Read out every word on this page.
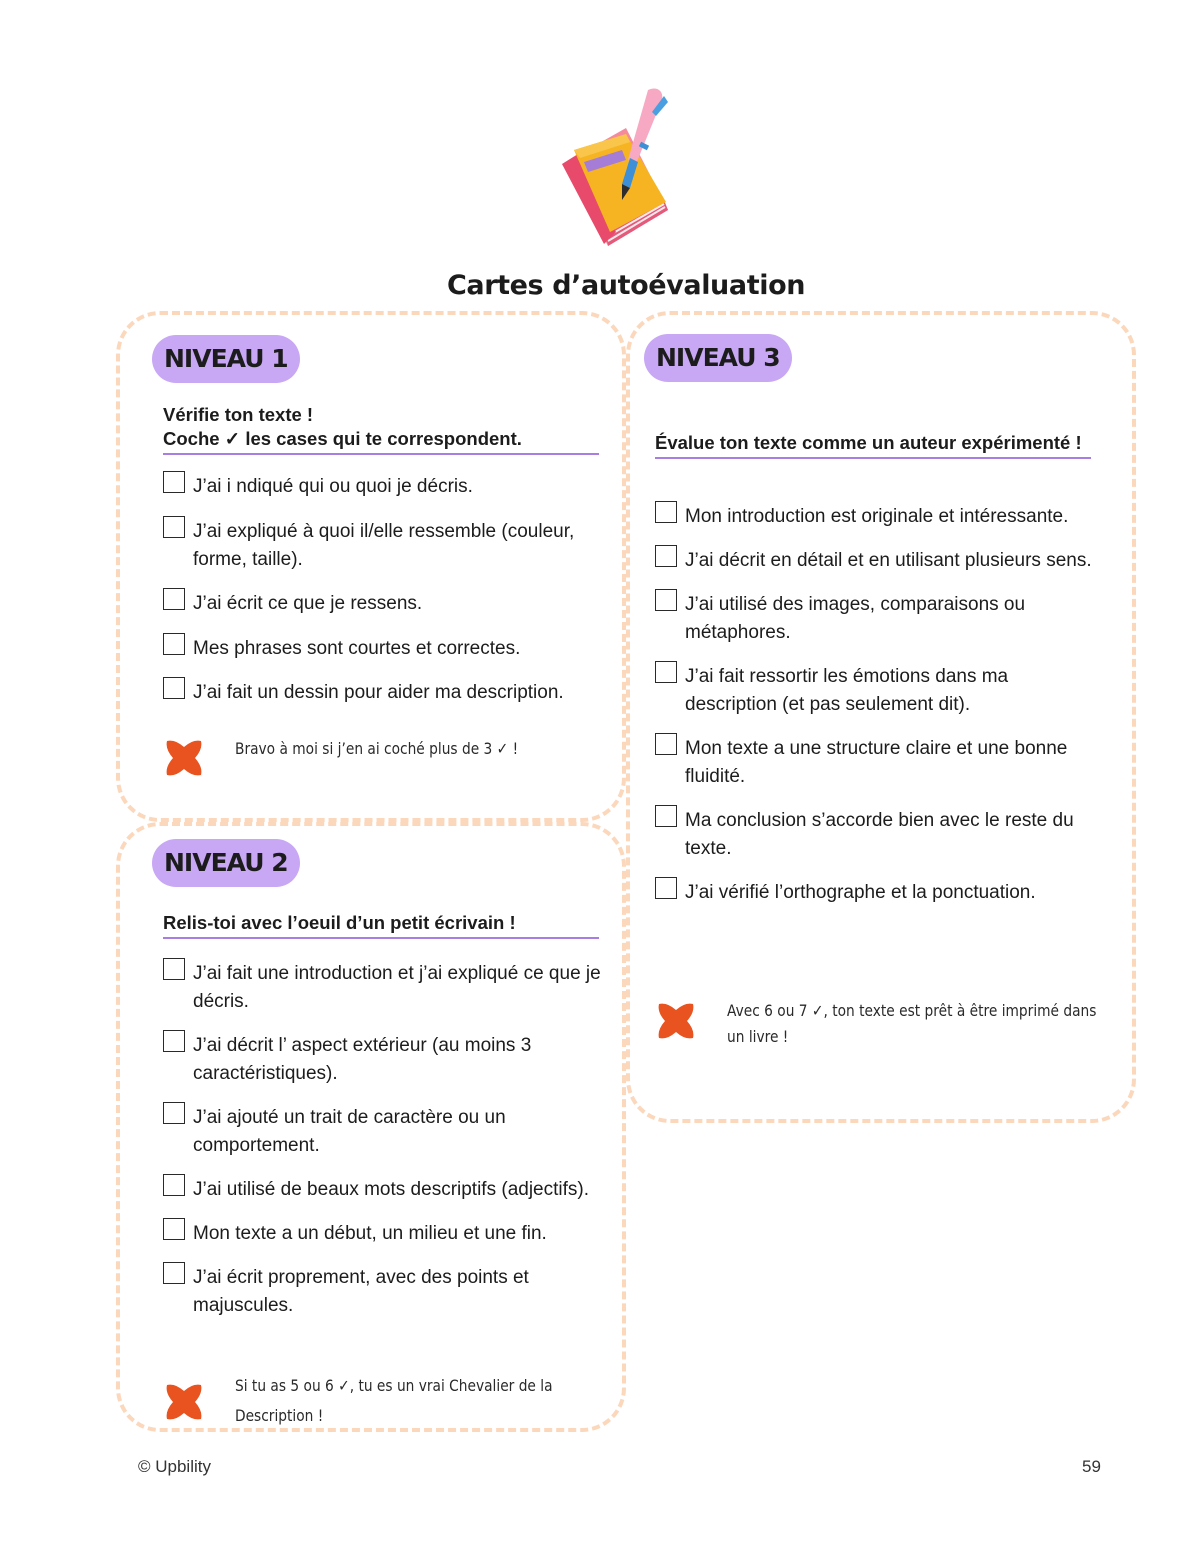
Cartes d’autoévaluation
NIVEAU 1
Vérifie ton texte !
Coche ✓ les cases qui te correspondent.
J’ai i ndiqué qui ou quoi je décris.
J’ai expliqué à quoi il/elle ressemble (couleur, forme, taille).
J’ai écrit ce que je ressens.
Mes phrases sont courtes et correctes.
J’ai fait un dessin pour aider ma description.
Bravo à moi si j’en ai coché plus de 3 ✓ !
NIVEAU 2
Relis-toi avec l’oeuil d’un petit écrivain !
J’ai fait une introduction et j’ai expliqué ce que je décris.
J’ai décrit l’ aspect extérieur (au moins 3 caractéristiques).
J’ai ajouté un trait de caractère ou un comportement.
J’ai utilisé de beaux mots descriptifs (adjectifs).
Mon texte a un début, un milieu et une fin.
J’ai écrit proprement, avec des points et majuscules.
Si tu as 5 ou 6 ✓, tu es un vrai Chevalier de la Description !
NIVEAU 3
Évalue ton texte comme un auteur expérimenté !
Mon introduction est originale et intéressante.
J’ai décrit en détail et en utilisant plusieurs sens.
J’ai utilisé des images, comparaisons ou métaphores.
J’ai fait ressortir les émotions dans ma description (et pas seulement dit).
Mon texte a une structure claire et une bonne fluidité.
Ma conclusion s’accorde bien avec le reste du texte.
J’ai vérifié l’orthographe et la ponctuation.
Avec 6 ou 7 ✓, ton texte est prêt à être imprimé dans un livre !
© Upbility	59
